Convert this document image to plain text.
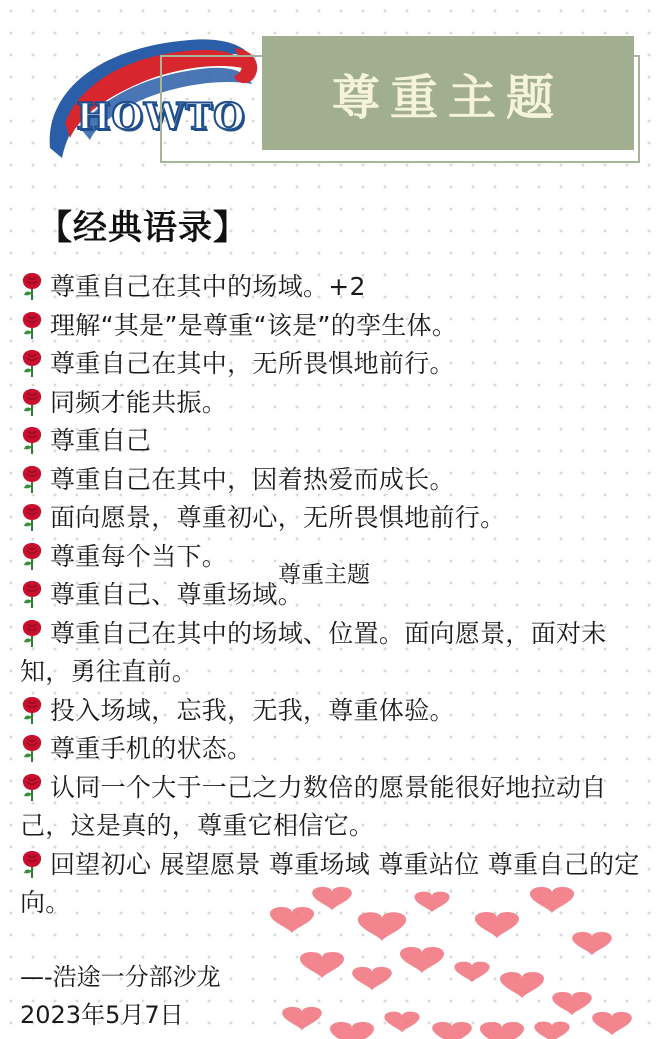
HOWTO	尊重主题
【经典语录】
尊重自己在其中的场域。+2
理解“其是”是尊重“该是”的孪生体。
尊重自己在其中，无所畏惧地前行。
同频才能共振。
尊重自己
尊重自己在其中，因着热爱而成长。
面向愿景，尊重初心，无所畏惧地前行。
尊重每个当下。
尊重自己、尊重场域。
尊重自己在其中的场域、位置。面向愿景，面对未知，勇往直前。
投入场域，忘我，无我，尊重体验。
尊重手机的状态。
认同一个大于一己之力数倍的愿景能很好地拉动自己，这是真的，尊重它相信它。
回望初心 展望愿景 尊重场域 尊重站位 尊重自己的定向。
尊重主题
—-浩途一分部沙龙
2023年5月7日
